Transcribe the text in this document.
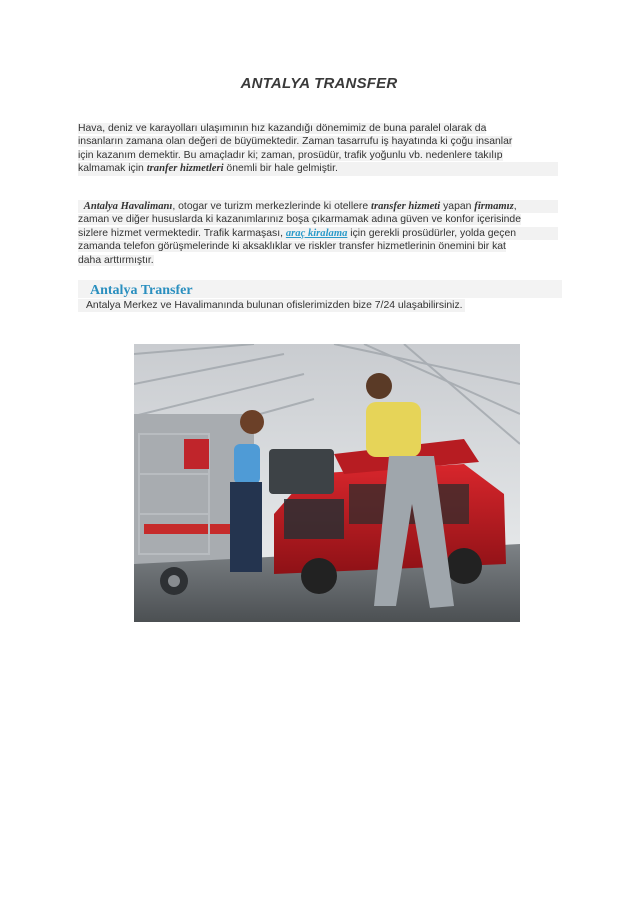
ANTALYA TRANSFER
Hava, deniz ve karayolları ulaşımının hız kazandığı dönemimiz de buna paralel olarak da
insanların zamana olan değeri de büyümektedir. Zaman tasarrufu iş hayatında ki çoğu insanlar
için kazanım demektir. Bu amaçladır ki; zaman, prosüdür, trafik yoğunlu vb. nedenlere takılıp
kalmamak için tranfer hizmetleri önemli bir hale gelmiştir.
Antalya Havalimanı, otogar ve turizm merkezlerinde ki otellere transfer hizmeti yapan firmamız,
zaman ve diğer hususlarda ki kazanımlarınız boşa çıkarmamak adına güven ve konfor içerisinde
sizlere hizmet vermektedir. Trafik karmaşası, araç kiralama için gerekli prosüdürler, yolda geçen
zamanda telefon görüşmelerinde ki aksaklıklar ve riskler transfer hizmetlerinin önemini bir kat
daha arttırmıştır.
Antalya Transfer
Antalya Merkez ve Havalimanında bulunan ofislerimizden bize 7/24 ulaşabilirsiniz.
